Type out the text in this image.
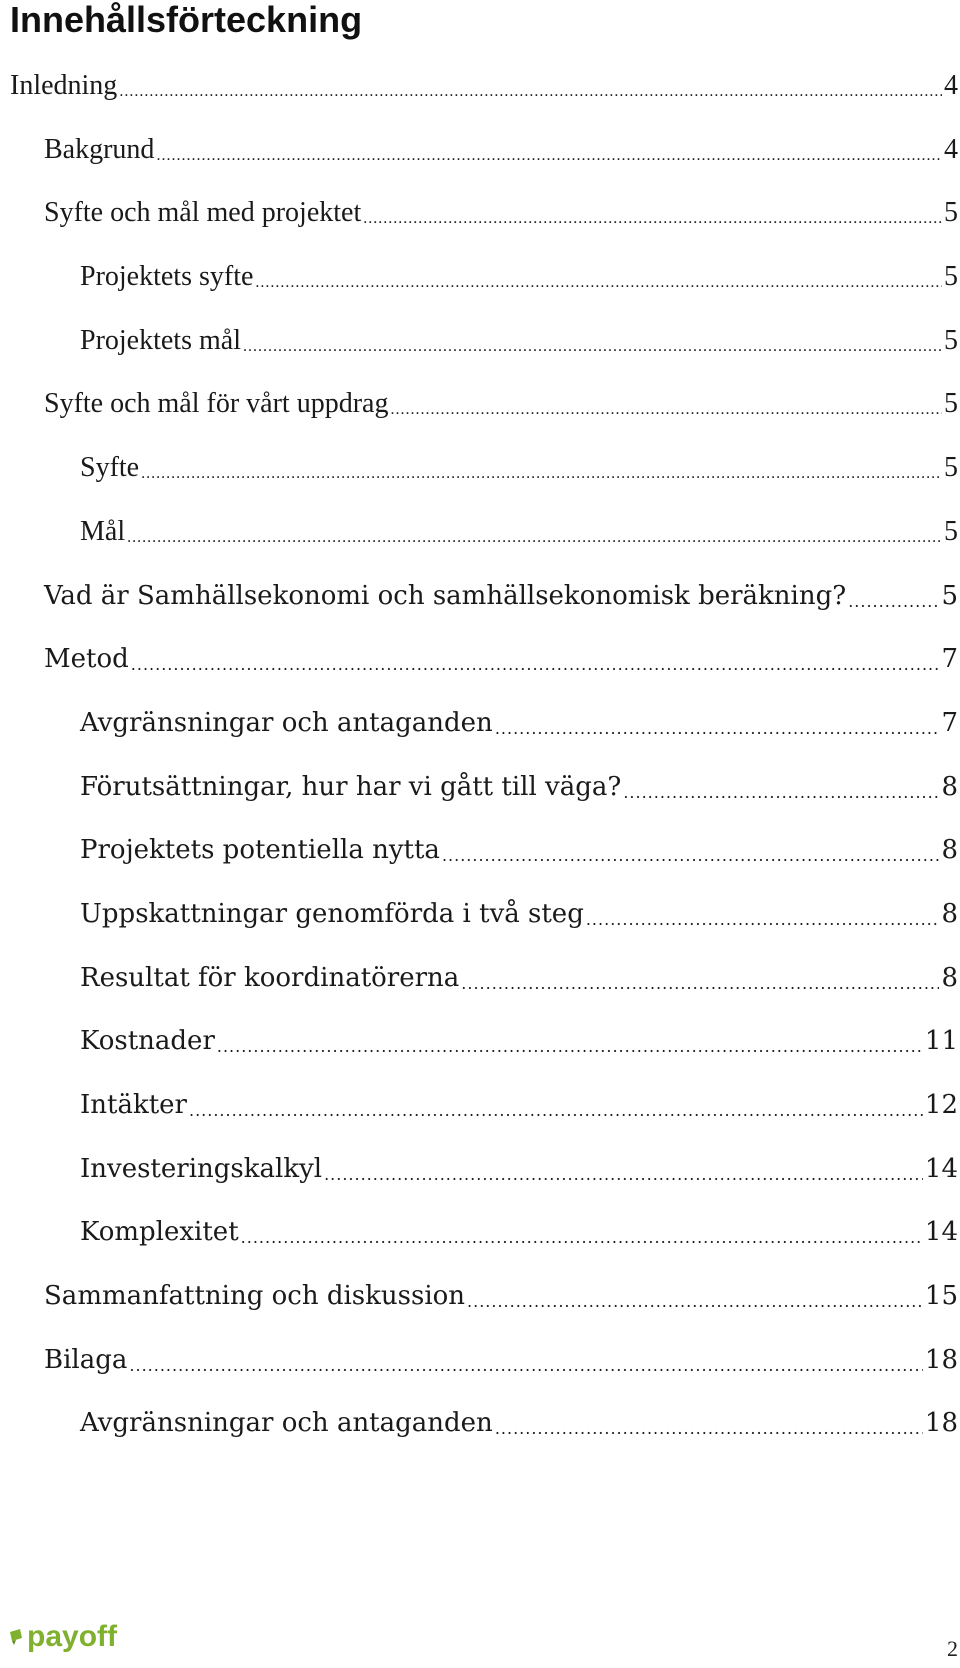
Innehållsförteckning
Inledning .....	4
Bakgrund .....	4
Syfte och mål med projektet .....	5
Projektets syfte .....	5
Projektets mål .....	5
Syfte och mål för vårt uppdrag .....	5
Syfte .....	5
Mål .....	5
Vad är Samhällsekonomi och samhällsekonomisk beräkning? .....	5
Metod .....	7
Avgränsningar och antaganden .....	7
Förutsättningar, hur har vi gått till väga? .....	8
Projektets potentiella nytta .....	8
Uppskattningar genomförda i två steg .....	8
Resultat för koordinatörerna .....	8
Kostnader .....	11
Intäkter .....	12
Investeringskalkyl .....	14
Komplexitet .....	14
Sammanfattning och diskussion .....	15
Bilaga .....	18
Avgränsningar och antaganden .....	18
payoff	2
